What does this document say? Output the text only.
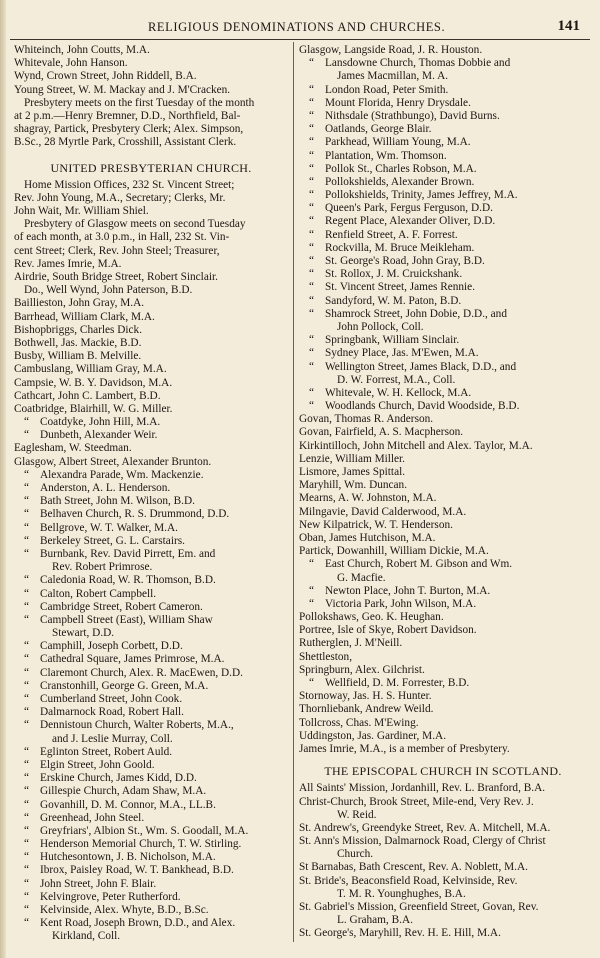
RELIGIOUS DENOMINATIONS AND CHURCHES.	141
Whiteinch, John Coutts, M.A.
Whitevale, John Hanson.
Wynd, Crown Street, John Riddell, B.A.
Young Street, W. M. Mackay and J. M'Cracken.
Presbytery meets on the first Tuesday of the month
at 2 p.m.—Henry Bremner, D.D., Northfield, Bal-
shagray, Partick, Presbytery Clerk; Alex. Simpson,
B.Sc., 28 Myrtle Park, Crosshill, Assistant Clerk.
UNITED PRESBYTERIAN CHURCH.
Home Mission Offices, 232 St. Vincent Street;
Rev. John Young, M.A., Secretary; Clerks, Mr.
John Wait, Mr. William Shiel.
Presbytery of Glasgow meets on second Tuesday
of each month, at 3.0 p.m., in Hall, 232 St. Vin-
cent Street; Clerk, Rev. John Steel; Treasurer,
Rev. James Imrie, M.A.
Airdrie, South Bridge Street, Robert Sinclair.
Do., Well Wynd, John Paterson, B.D.
Baillieston, John Gray, M.A.
Barrhead, William Clark, M.A.
Bishopbriggs, Charles Dick.
Bothwell, Jas. Mackie, B.D.
Busby, William B. Melville.
Cambuslang, William Gray, M.A.
Campsie, W. B. Y. Davidson, M.A.
Cathcart, John C. Lambert, B.D.
Coatbridge, Blairhill, W. G. Miller.
“ Coatdyke, John Hill, M.A.
“ Dunbeth, Alexander Weir.
Eaglesham, W. Steedman.
Glasgow, Albert Street, Alexander Brunton.
“ Alexandra Parade, Wm. Mackenzie.
“ Anderston, A. L. Henderson.
“ Bath Street, John M. Wilson, B.D.
“ Belhaven Church, R. S. Drummond, D.D.
“ Bellgrove, W. T. Walker, M.A.
“ Berkeley Street, G. L. Carstairs.
“ Burnbank, Rev. David Pirrett, Em. and
Rev. Robert Primrose.
“ Caledonia Road, W. R. Thomson, B.D.
“ Calton, Robert Campbell.
“ Cambridge Street, Robert Cameron.
“ Campbell Street (East), William Shaw
Stewart, D.D.
“ Camphill, Joseph Corbett, D.D.
“ Cathedral Square, James Primrose, M.A.
“ Claremont Church, Alex. R. MacEwen, D.D.
“ Cranstonhill, George G. Green, M.A.
“ Cumberland Street, John Cook.
“ Dalmarnock Road, Robert Hall.
“ Dennistoun Church, Walter Roberts, M.A.,
and J. Leslie Murray, Coll.
“ Eglinton Street, Robert Auld.
“ Elgin Street, John Goold.
“ Erskine Church, James Kidd, D.D.
“ Gillespie Church, Adam Shaw, M.A.
“ Govanhill, D. M. Connor, M.A., LL.B.
“ Greenhead, John Steel.
“ Greyfriars', Albion St., Wm. S. Goodall, M.A.
“ Henderson Memorial Church, T. W. Stirling.
“ Hutchesontown, J. B. Nicholson, M.A.
“ Ibrox, Paisley Road, W. T. Bankhead, B.D.
“ John Street, John F. Blair.
“ Kelvingrove, Peter Rutherford.
“ Kelvinside, Alex. Whyte, B.D., B.Sc.
“ Kent Road, Joseph Brown, D.D., and Alex.
Kirkland, Coll.
Glasgow, Langside Road, J. R. Houston.
“ Lansdowne Church, Thomas Dobbie and
James Macmillan, M. A.
“ London Road, Peter Smith.
“ Mount Florida, Henry Drysdale.
“ Nithsdale (Strathbungo), David Burns.
“ Oatlands, George Blair.
“ Parkhead, William Young, M.A.
“ Plantation, Wm. Thomson.
“ Pollok St., Charles Robson, M.A.
“ Pollokshields, Alexander Brown.
“ Pollokshields, Trinity, James Jeffrey, M.A.
“ Queen's Park, Fergus Ferguson, D.D.
“ Regent Place, Alexander Oliver, D.D.
“ Renfield Street, A. F. Forrest.
“ Rockvilla, M. Bruce Meikleham.
“ St. George's Road, John Gray, B.D.
“ St. Rollox, J. M. Cruickshank.
“ St. Vincent Street, James Rennie.
“ Sandyford, W. M. Paton, B.D.
“ Shamrock Street, John Dobie, D.D., and
John Pollock, Coll.
“ Springbank, William Sinclair.
“ Sydney Place, Jas. M'Ewen, M.A.
“ Wellington Street, James Black, D.D., and
D. W. Forrest, M.A., Coll.
“ Whitevale, W. H. Kellock, M.A.
“ Woodlands Church, David Woodside, B.D.
Govan, Thomas R. Anderson.
Govan, Fairfield, A. S. Macpherson.
Kirkintilloch, John Mitchell and Alex. Taylor, M.A.
Lenzie, William Miller.
Lismore, James Spittal.
Maryhill, Wm. Duncan.
Mearns, A. W. Johnston, M.A.
Milngavie, David Calderwood, M.A.
New Kilpatrick, W. T. Henderson.
Oban, James Hutchison, M.A.
Partick, Dowanhill, William Dickie, M.A.
“ East Church, Robert M. Gibson and Wm.
G. Macfie.
“ Newton Place, John T. Burton, M.A.
“ Victoria Park, John Wilson, M.A.
Pollokshaws, Geo. K. Heughan.
Portree, Isle of Skye, Robert Davidson.
Rutherglen, J. M'Neill.
Shettleston,
Springburn, Alex. Gilchrist.
“ Wellfield, D. M. Forrester, B.D.
Stornoway, Jas. H. S. Hunter.
Thornliebank, Andrew Weild.
Tollcross, Chas. M'Ewing.
Uddingston, Jas. Gardiner, M.A.
James Imrie, M.A., is a member of Presbytery.
THE EPISCOPAL CHURCH IN SCOTLAND.
All Saints' Mission, Jordanhill, Rev. L. Branford, B.A.
Christ-Church, Brook Street, Mile-end, Very Rev. J.
W. Reid.
St. Andrew's, Greendyke Street, Rev. A. Mitchell, M.A.
St. Ann's Mission, Dalmarnock Road, Clergy of Christ
Church.
St Barnabas, Bath Crescent, Rev. A. Noblett, M.A.
St. Bride's, Beaconsfield Road, Kelvinside, Rev.
T. M. R. Younghughes, B.A.
St. Gabriel's Mission, Greenfield Street, Govan, Rev.
L. Graham, B.A.
St. George's, Maryhill, Rev. H. E. Hill, M.A.
